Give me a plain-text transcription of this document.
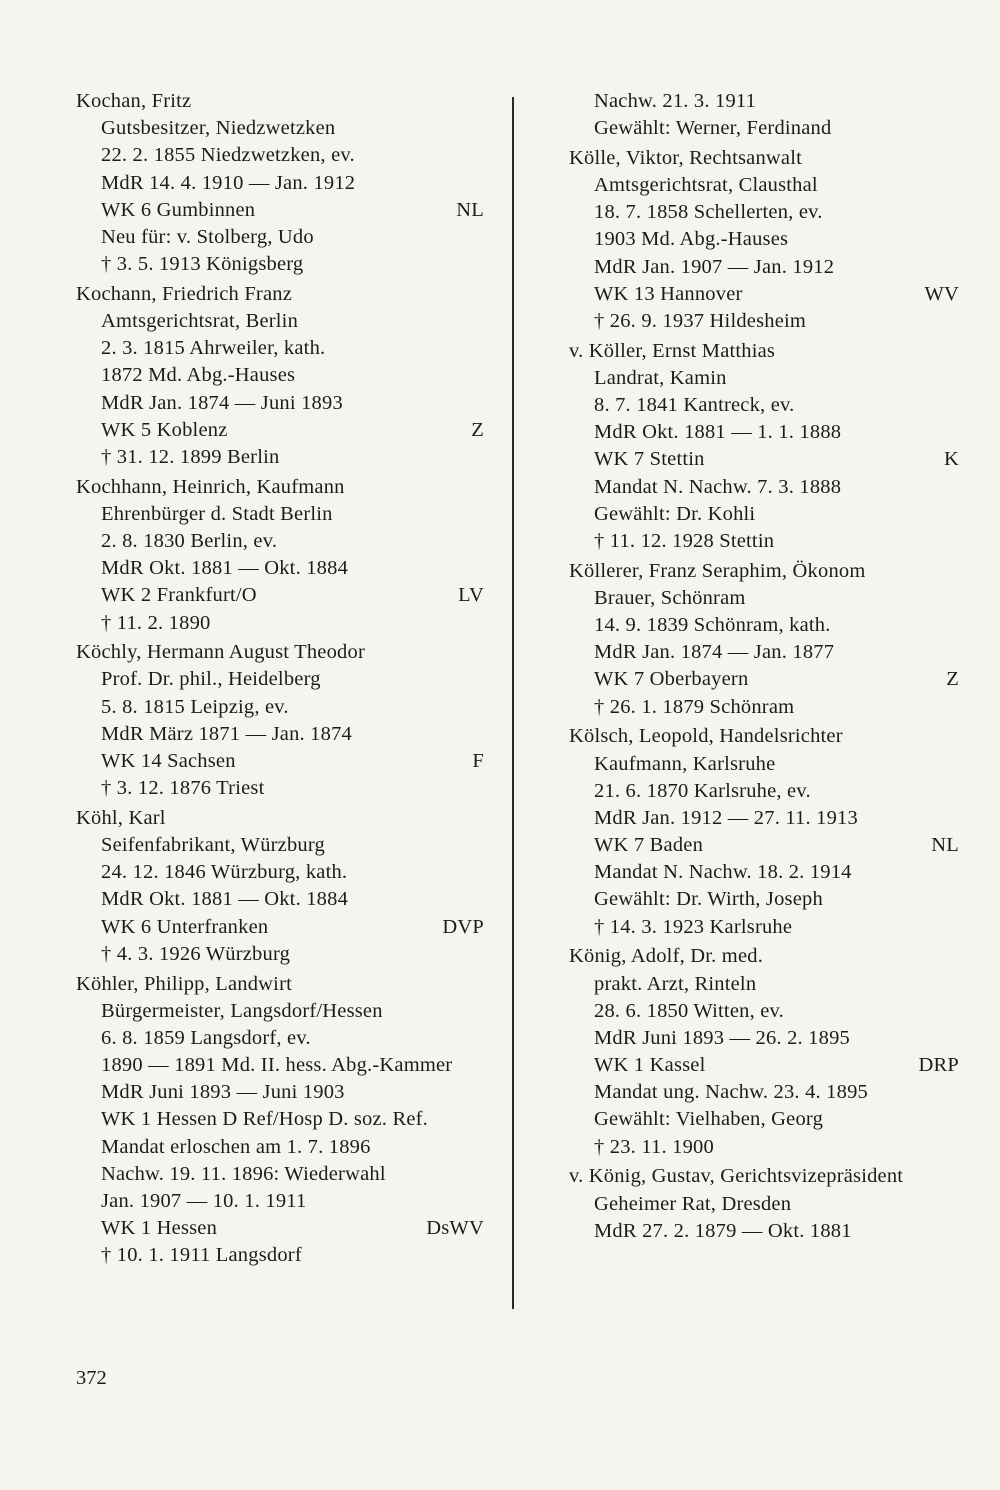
Kochan, Fritz
Gutsbesitzer, Niedzwetzken
22. 2. 1855 Niedzwetzken, ev.
MdR 14. 4. 1910 — Jan. 1912
WK 6 Gumbinnen	NL
Neu für: v. Stolberg, Udo
† 3. 5. 1913 Königsberg
Kochann, Friedrich Franz
Amtsgerichtsrat, Berlin
2. 3. 1815 Ahrweiler, kath.
1872 Md. Abg.-Hauses
MdR Jan. 1874 — Juni 1893
WK 5 Koblenz	Z
† 31. 12. 1899 Berlin
Kochhann, Heinrich, Kaufmann
Ehrenbürger d. Stadt Berlin
2. 8. 1830 Berlin, ev.
MdR Okt. 1881 — Okt. 1884
WK 2 Frankfurt/O	LV
† 11. 2. 1890
Köchly, Hermann August Theodor
Prof. Dr. phil., Heidelberg
5. 8. 1815 Leipzig, ev.
MdR März 1871 — Jan. 1874
WK 14 Sachsen	F
† 3. 12. 1876 Triest
Köhl, Karl
Seifenfabrikant, Würzburg
24. 12. 1846 Würzburg, kath.
MdR Okt. 1881 — Okt. 1884
WK 6 Unterfranken	DVP
† 4. 3. 1926 Würzburg
Köhler, Philipp, Landwirt
Bürgermeister, Langsdorf/Hessen
6. 8. 1859 Langsdorf, ev.
1890 — 1891 Md. II. hess. Abg.-Kammer
MdR Juni 1893 — Juni 1903
WK 1 Hessen D Ref/Hosp D. soz. Ref.
Mandat erloschen am 1. 7. 1896
Nachw. 19. 11. 1896: Wiederwahl
Jan. 1907 — 10. 1. 1911
WK 1 Hessen	DsWV
† 10. 1. 1911 Langsdorf
Nachw. 21. 3. 1911
Gewählt: Werner, Ferdinand
Kölle, Viktor, Rechtsanwalt
Amtsgerichtsrat, Clausthal
18. 7. 1858 Schellerten, ev.
1903 Md. Abg.-Hauses
MdR Jan. 1907 — Jan. 1912
WK 13 Hannover	WV
† 26. 9. 1937 Hildesheim
v. Köller, Ernst Matthias
Landrat, Kamin
8. 7. 1841 Kantreck, ev.
MdR Okt. 1881 — 1. 1. 1888
WK 7 Stettin	K
Mandat N. Nachw. 7. 3. 1888
Gewählt: Dr. Kohli
† 11. 12. 1928 Stettin
Köllerer, Franz Seraphim, Ökonom
Brauer, Schönram
14. 9. 1839 Schönram, kath.
MdR Jan. 1874 — Jan. 1877
WK 7 Oberbayern	Z
† 26. 1. 1879 Schönram
Kölsch, Leopold, Handelsrichter
Kaufmann, Karlsruhe
21. 6. 1870 Karlsruhe, ev.
MdR Jan. 1912 — 27. 11. 1913
WK 7 Baden	NL
Mandat N. Nachw. 18. 2. 1914
Gewählt: Dr. Wirth, Joseph
† 14. 3. 1923 Karlsruhe
König, Adolf, Dr. med.
prakt. Arzt, Rinteln
28. 6. 1850 Witten, ev.
MdR Juni 1893 — 26. 2. 1895
WK 1 Kassel	DRP
Mandat ung. Nachw. 23. 4. 1895
Gewählt: Vielhaben, Georg
† 23. 11. 1900
v. König, Gustav, Gerichtsvizepräsident
Geheimer Rat, Dresden
MdR 27. 2. 1879 — Okt. 1881
372
